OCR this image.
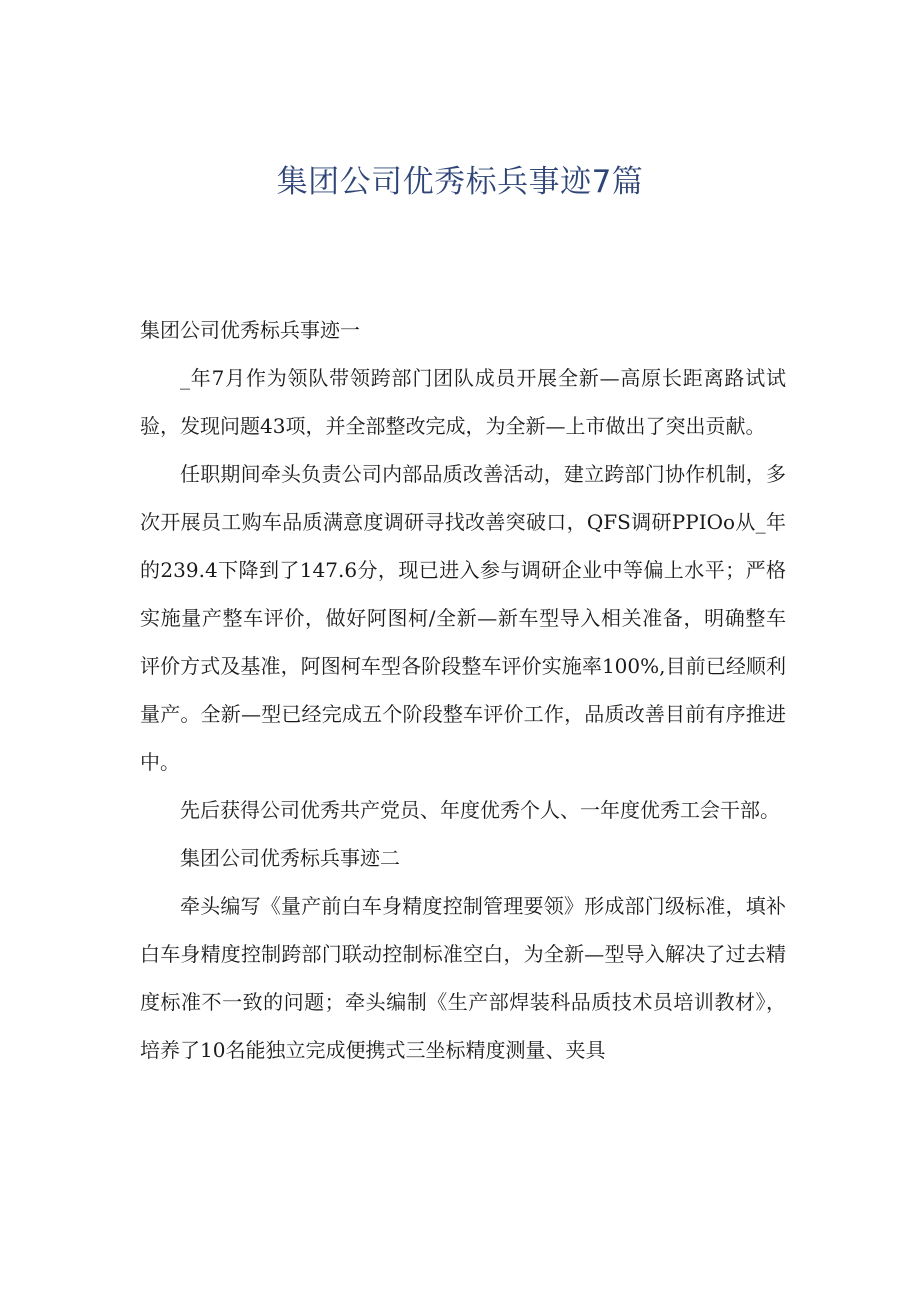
集团公司优秀标兵事迹7篇

集团公司优秀标兵事迹一

_年7月作为领队带领跨部门团队成员开展全新—高原长距离路试试验，发现问题43项，并全部整改完成，为全新—上市做出了突出贡献。

任职期间牵头负责公司内部品质改善活动，建立跨部门协作机制，多次开展员工购车品质满意度调研寻找改善突破口，QFS调研PPIOo从_年的239.4下降到了147.6分，现已进入参与调研企业中等偏上水平；严格实施量产整车评价，做好阿图柯/全新—新车型导入相关准备，明确整车评价方式及基准，阿图柯车型各阶段整车评价实施率100%,目前已经顺利量产。全新—型已经完成五个阶段整车评价工作，品质改善目前有序推进中。

先后获得公司优秀共产党员、年度优秀个人、一年度优秀工会干部。

集团公司优秀标兵事迹二

牵头编写《量产前白车身精度控制管理要领》形成部门级标准，填补白车身精度控制跨部门联动控制标准空白，为全新—型导入解决了过去精度标准不一致的问题；牵头编制《生产部焊装科品质技术员培训教材》，培养了10名能独立完成便携式三坐标精度测量、夹具
